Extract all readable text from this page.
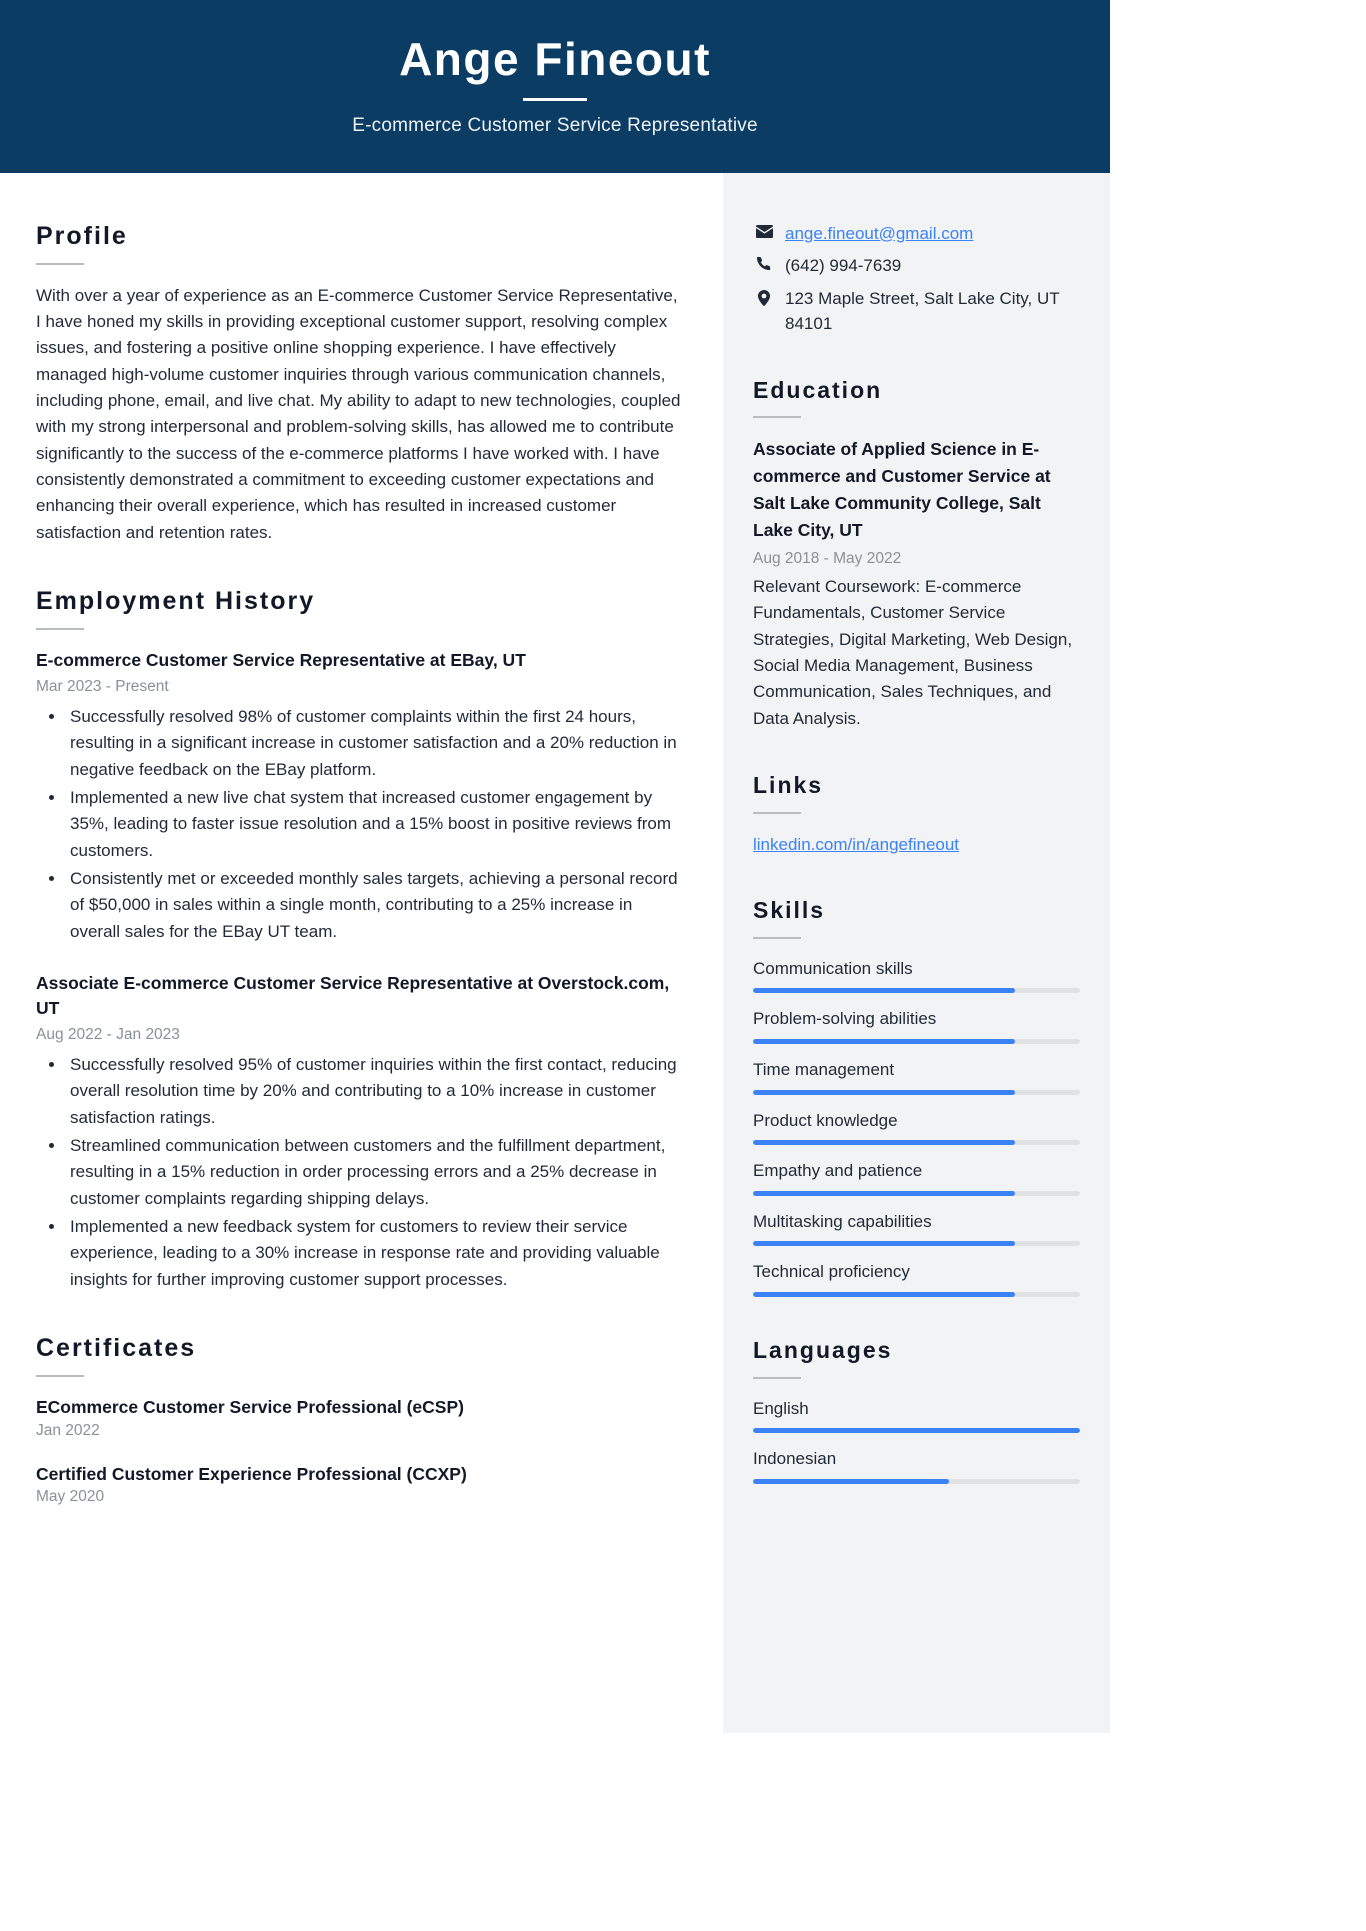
Ange Fineout
E-commerce Customer Service Representative
Profile
With over a year of experience as an E-commerce Customer Service Representative, I have honed my skills in providing exceptional customer support, resolving complex issues, and fostering a positive online shopping experience. I have effectively managed high-volume customer inquiries through various communication channels, including phone, email, and live chat. My ability to adapt to new technologies, coupled with my strong interpersonal and problem-solving skills, has allowed me to contribute significantly to the success of the e-commerce platforms I have worked with. I have consistently demonstrated a commitment to exceeding customer expectations and enhancing their overall experience, which has resulted in increased customer satisfaction and retention rates.
Employment History
E-commerce Customer Service Representative at EBay, UT
Mar 2023 - Present
• Successfully resolved 98% of customer complaints within the first 24 hours, resulting in a significant increase in customer satisfaction and a 20% reduction in negative feedback on the EBay platform.
• Implemented a new live chat system that increased customer engagement by 35%, leading to faster issue resolution and a 15% boost in positive reviews from customers.
• Consistently met or exceeded monthly sales targets, achieving a personal record of $50,000 in sales within a single month, contributing to a 25% increase in overall sales for the EBay UT team.
Associate E-commerce Customer Service Representative at Overstock.com, UT
Aug 2022 - Jan 2023
• Successfully resolved 95% of customer inquiries within the first contact, reducing overall resolution time by 20% and contributing to a 10% increase in customer satisfaction ratings.
• Streamlined communication between customers and the fulfillment department, resulting in a 15% reduction in order processing errors and a 25% decrease in customer complaints regarding shipping delays.
• Implemented a new feedback system for customers to review their service experience, leading to a 30% increase in response rate and providing valuable insights for further improving customer support processes.
Certificates
ECommerce Customer Service Professional (eCSP)
Jan 2022
Certified Customer Experience Professional (CCXP)
May 2020
ange.fineout@gmail.com
(642) 994-7639
123 Maple Street, Salt Lake City, UT 84101
Education
Associate of Applied Science in E-commerce and Customer Service at Salt Lake Community College, Salt Lake City, UT
Aug 2018 - May 2022
Relevant Coursework: E-commerce Fundamentals, Customer Service Strategies, Digital Marketing, Web Design, Social Media Management, Business Communication, Sales Techniques, and Data Analysis.
Links
linkedin.com/in/angefineout
Skills
Communication skills
Problem-solving abilities
Time management
Product knowledge
Empathy and patience
Multitasking capabilities
Technical proficiency
Languages
English
Indonesian
